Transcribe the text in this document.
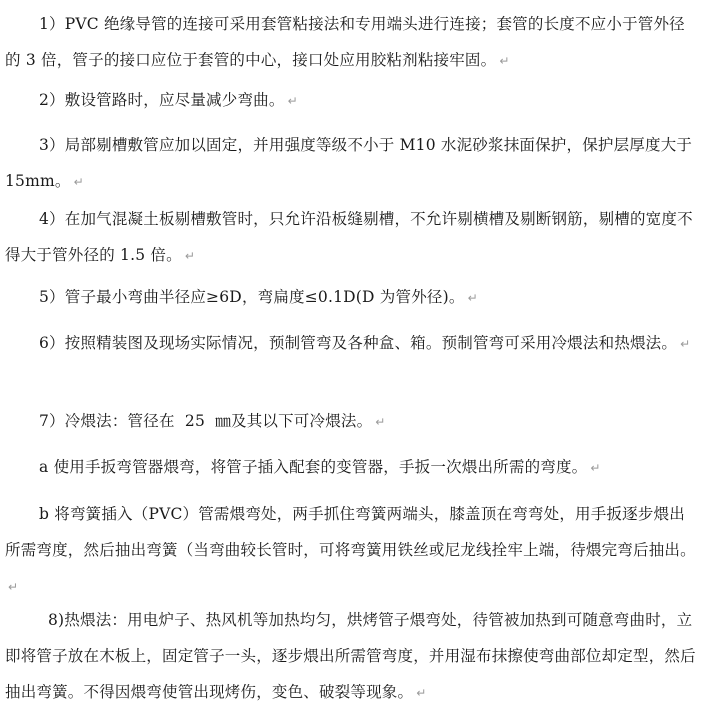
1）PVC 绝缘导管的连接可采用套管粘接法和专用端头进行连接；套管的长度不应小于管外径的 3 倍，管子的接口应位于套管的中心，接口处应用胶粘剂粘接牢固。 ↵
2）敷设管路时，应尽量减少弯曲。 ↵
3）局部剔槽敷管应加以固定，并用强度等级不小于 M10 水泥砂浆抹面保护，保护层厚度大于 15mm。 ↵
4）在加气混凝土板剔槽敷管时，只允许沿板缝剔槽，不允许剔横槽及剔断钢筋，剔槽的宽度不得大于管外径的 1.5 倍。 ↵
5）管子最小弯曲半径应≥6D，弯扁度≤0.1D(D 为管外径)。 ↵
6）按照精装图及现场实际情况，预制管弯及各种盒、箱。预制管弯可采用冷煨法和热煨法。 ↵
7）冷煨法：管径在  25  ㎜及其以下可冷煨法。 ↵
a 使用手扳弯管器煨弯，将管子插入配套的变管器，手扳一次煨出所需的弯度。 ↵
b 将弯簧插入（PVC）管需煨弯处，两手抓住弯簧两端头，膝盖顶在弯弯处，用手扳逐步煨出所需弯度，然后抽出弯簧（当弯曲较长管时，可将弯簧用铁丝或尼龙线拴牢上端，待煨完弯后抽出。↵
8)热煨法：用电炉子、热风机等加热均匀，烘烤管子煨弯处，待管被加热到可随意弯曲时，立即将管子放在木板上，固定管子一头，逐步煨出所需管弯度，并用湿布抹擦使弯曲部位却定型，然后抽出弯簧。不得因煨弯使管出现烤伤，变色、破裂等现象。 ↵
